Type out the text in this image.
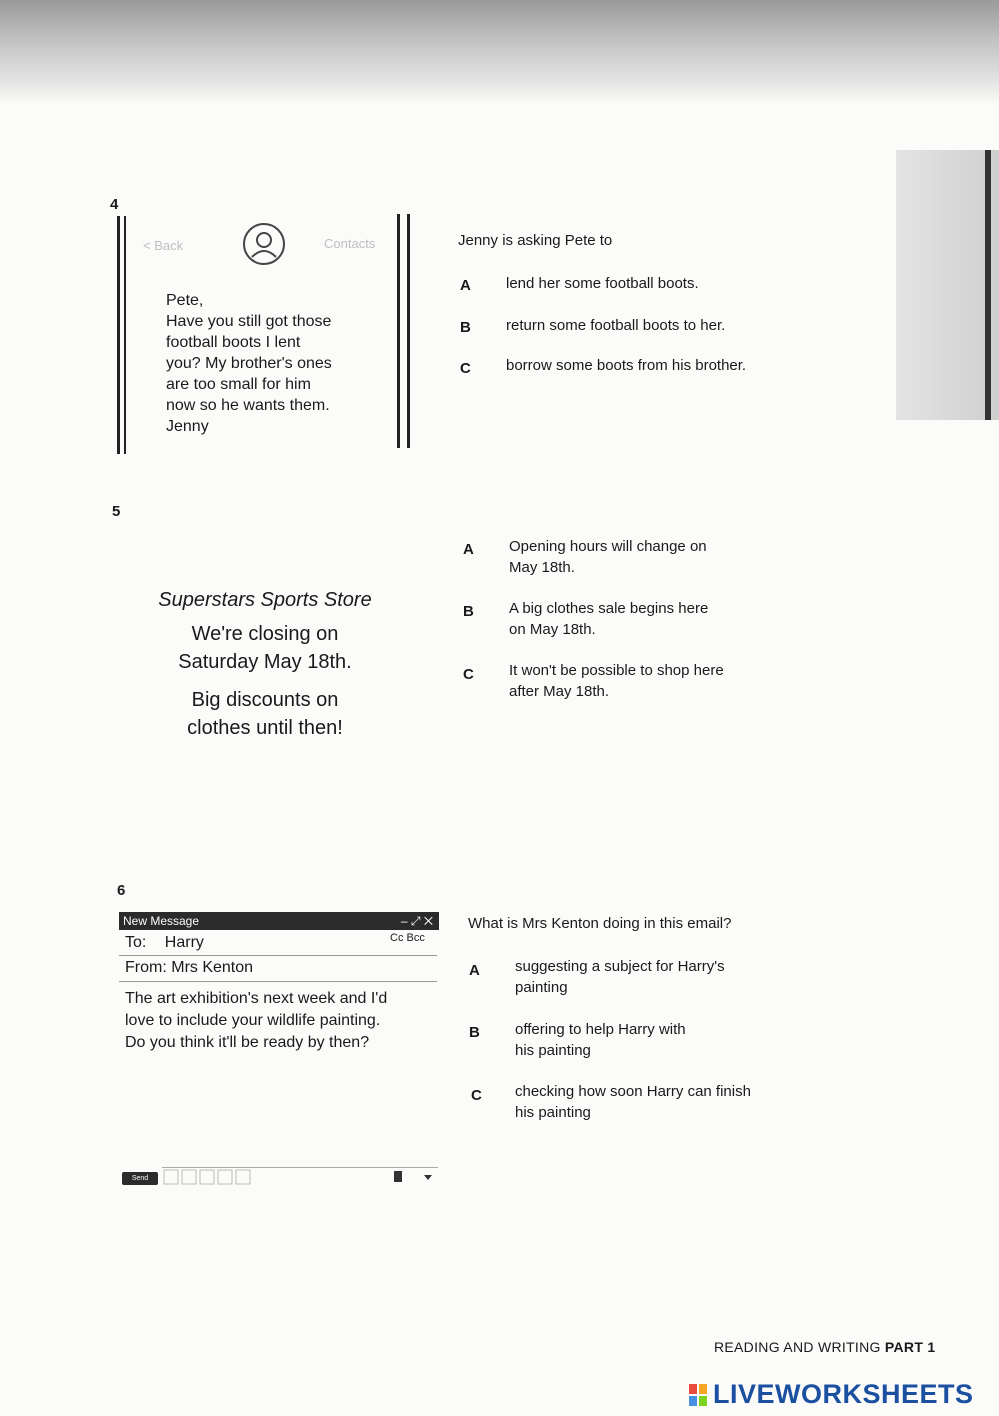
4
< Back	Contacts
Pete,
Have you still got those
football boots I lent
you? My brother's ones
are too small for him
now so he wants them.
Jenny
Jenny is asking Pete to
A lend her some football boots.
B return some football boots to her.
C borrow some boots from his brother.
5
Superstars Sports Store
We're closing on
Saturday May 18th.
Big discounts on
clothes until then!
A Opening hours will change on
May 18th.
B A big clothes sale begins here
on May 18th.
C It won't be possible to shop here
after May 18th.
6
New Message	– ⤢ ✕
To: Harry	Cc Bcc
From: Mrs Kenton
The art exhibition's next week and I'd
love to include your wildlife painting.
Do you think it'll be ready by then?
Send
What is Mrs Kenton doing in this email?
A suggesting a subject for Harry's
painting
B offering to help Harry with
his painting
C checking how soon Harry can finish
his painting
READING AND WRITING PART 1
LIVEWORKSHEETS
